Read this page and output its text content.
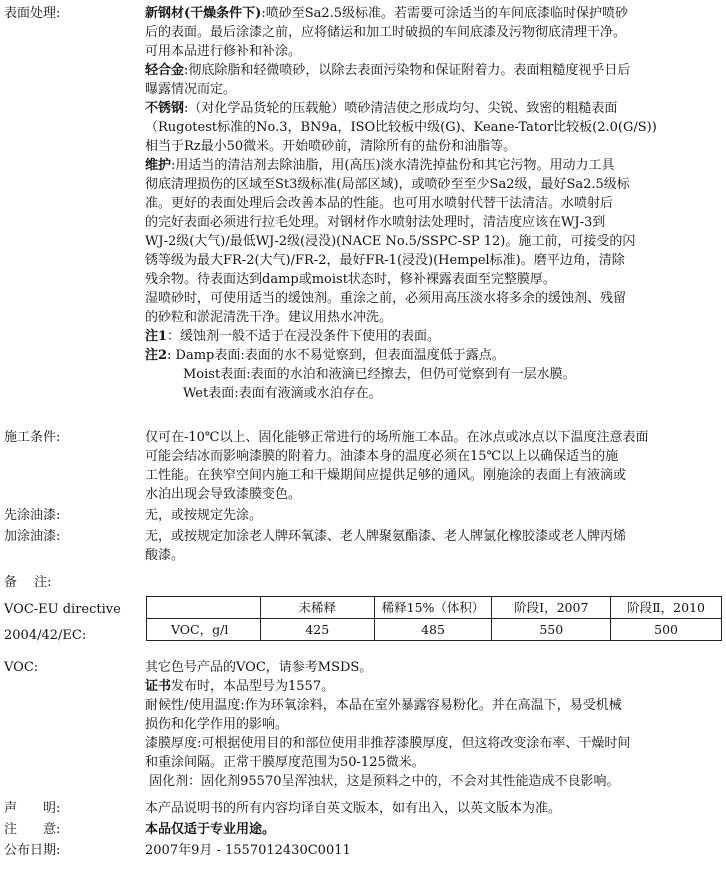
表面处理:	新钢材(干燥条件下):喷砂至Sa2.5级标准。若需要可涂适当的车间底漆临时保护喷砂
后的表面。最后涂漆之前，应将储运和加工时破损的车间底漆及污物彻底清理干净。
可用本品进行修补和补涂。

轻合金:彻底除脂和轻微喷砂，以除去表面污染物和保证附着力。表面粗糙度视乎日后
曝露情况而定。

不锈钢:（对化学品货轮的压载舱）喷砂清洁使之形成均匀、尖锐、致密的粗糙表面
（Rugotest标准的No.3，BN9a，ISO比较板中级(G)、Keane-Tator比较板(2.0(G/S))
相当于Rz最小50微米。开始喷砂前，清除所有的盐份和油脂等。

维护:用适当的清洁剂去除油脂，用(高压)淡水清洗掉盐份和其它污物。用动力工具
彻底清理损伤的区域至St3级标准(局部区域)，或喷砂至至少Sa2级，最好Sa2.5级标
准。更好的表面处理后会改善本品的性能。也可用水喷射代替干法清洁。水喷射后
的完好表面必须进行拉毛处理。对钢材作水喷射法处理时，清洁度应该在WJ-3到
WJ-2级(大气)/最低WJ-2级(浸没)(NACE No.5/SSPC-SP 12)。施工前，可接受的闪
锈等级为最大FR-2(大气)/FR-2，最好FR-1(浸没)(Hempel标准)。磨平边角，清除
残余物。待表面达到damp或moist状态时，修补裸露表面至完整膜厚。

湿喷砂时，可使用适当的缓蚀剂。重涂之前，必须用高压淡水将多余的缓蚀剂、残留
的砂粒和淤泥清洗干净。建议用热水冲洗。

注1：缓蚀剂一般不适于在浸没条件下使用的表面。

注2: Damp表面:表面的水不易觉察到，但表面温度低于露点。

Moist表面:表面的水泊和液滴已经擦去，但仍可觉察到有一层水膜。

Wet表面:表面有液滴或水泊存在。

施工条件:	仅可在-10℃以上、固化能够正常进行的场所施工本品。在冰点或冰点以下温度注意表面
可能会结冰而影响漆膜的附着力。油漆本身的温度必须在15℃以上以确保适当的施
工性能。在狭窄空间内施工和干燥期间应提供足够的通风。刚施涂的表面上有液滴或
水泊出现会导致漆膜变色。

先涂油漆:	无，或按规定先涂。
加涂油漆:	无，或按规定加涂老人牌环氧漆、老人牌聚氨酯漆、老人牌氯化橡胶漆或老人牌丙烯
酸漆。
备　 注:
VOC-EU directive
2004/42/EC:
	未稀释	稀释15%（体积）	阶段Ⅰ，2007	阶段Ⅱ，2010
VOC，g/l	425	485	550	500
VOC:	其它色号产品的VOC，请参考MSDS。

证书发布时，本品型号为1557。

耐候性/使用温度:作为环氧涂料，本品在室外暴露容易粉化。并在高温下，易受机械
损伤和化学作用的影响。

漆膜厚度:可根据使用目的和部位使用非推荐漆膜厚度，但这将改变涂布率、干燥时间
和重涂间隔。正常干膜厚度范围为50-125微米。

固化剂：固化剂95570呈浑浊状，这是预料之中的，不会对其性能造成不良影响。

声　　明:	本产品说明书的所有内容均译自英文版本，如有出入，以英文版本为准。
注　　意:	本品仅适于专业用途。
公布日期:	2007年9月 - 1557012430C0011
